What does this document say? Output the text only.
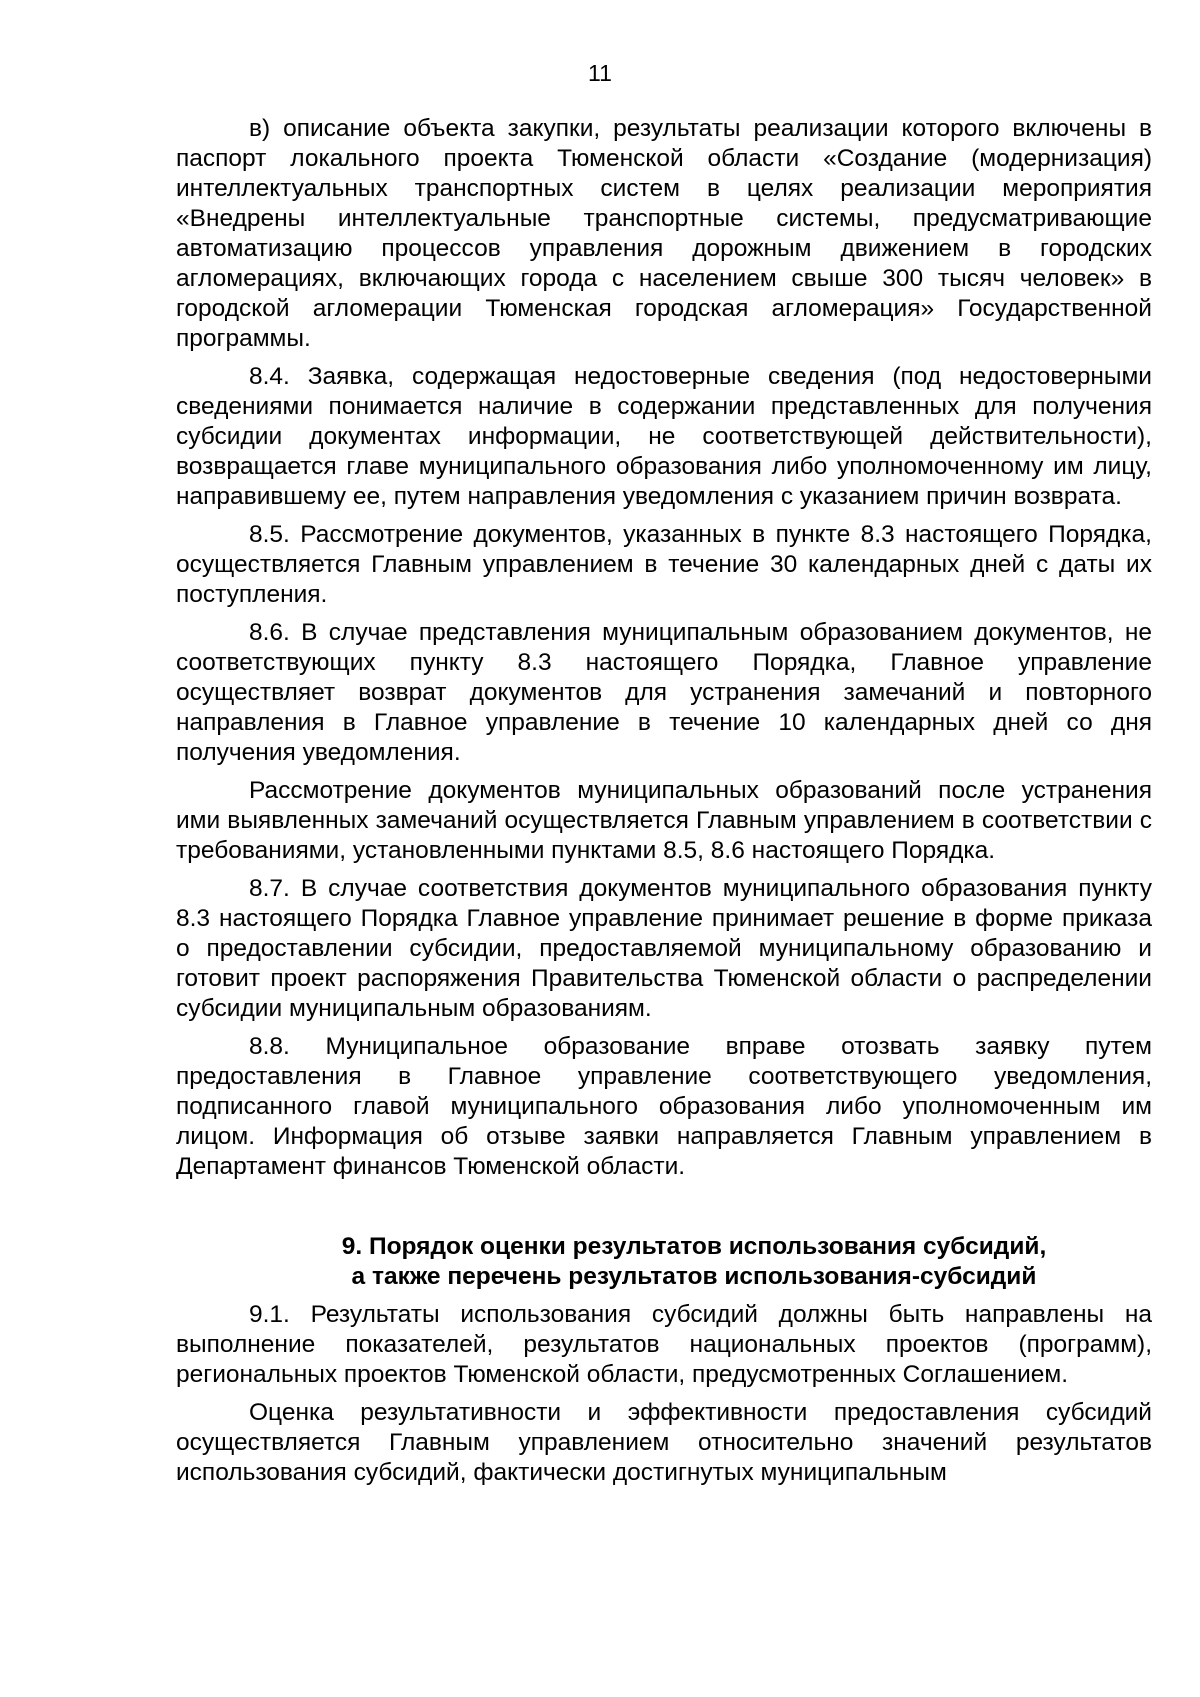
11

в) описание объекта закупки, результаты реализации которого включены в паспорт локального проекта Тюменской области «Создание (модернизация) интеллектуальных транспортных систем в целях реализации мероприятия «Внедрены интеллектуальные транспортные системы, предусматривающие автоматизацию процессов управления дорожным движением в городских агломерациях, включающих города с населением свыше 300 тысяч человек» в городской агломерации Тюменская городская агломерация» Государственной программы.

8.4. Заявка, содержащая недостоверные сведения (под недостоверными сведениями понимается наличие в содержании представленных для получения субсидии документах информации, не соответствующей действительности), возвращается главе муниципального образования либо уполномоченному им лицу, направившему ее, путем направления уведомления с указанием причин возврата.

8.5. Рассмотрение документов, указанных в пункте 8.3 настоящего Порядка, осуществляется Главным управлением в течение 30 календарных дней с даты их поступления.

8.6. В случае представления муниципальным образованием документов, не соответствующих пункту 8.3 настоящего Порядка, Главное управление осуществляет возврат документов для устранения замечаний и повторного направления в Главное управление в течение 10 календарных дней со дня получения уведомления.

Рассмотрение документов муниципальных образований после устранения ими выявленных замечаний осуществляется Главным управлением в соответствии с требованиями, установленными пунктами 8.5, 8.6 настоящего Порядка.

8.7. В случае соответствия документов муниципального образования пункту 8.3 настоящего Порядка Главное управление принимает решение в форме приказа о предоставлении субсидии, предоставляемой муниципальному образованию и готовит проект распоряжения Правительства Тюменской области о распределении субсидии муниципальным образованиям.

8.8. Муниципальное образование вправе отозвать заявку путем предоставления в Главное управление соответствующего уведомления, подписанного главой муниципального образования либо уполномоченным им лицом. Информация об отзыве заявки направляется Главным управлением в Департамент финансов Тюменской области.

9. Порядок оценки результатов использования субсидий,
а также перечень результатов использования-субсидий

9.1. Результаты использования субсидий должны быть направлены на выполнение показателей, результатов национальных проектов (программ), региональных проектов Тюменской области, предусмотренных Соглашением.

Оценка результативности и эффективности предоставления субсидий осуществляется Главным управлением относительно значений результатов использования субсидий, фактически достигнутых муниципальным
